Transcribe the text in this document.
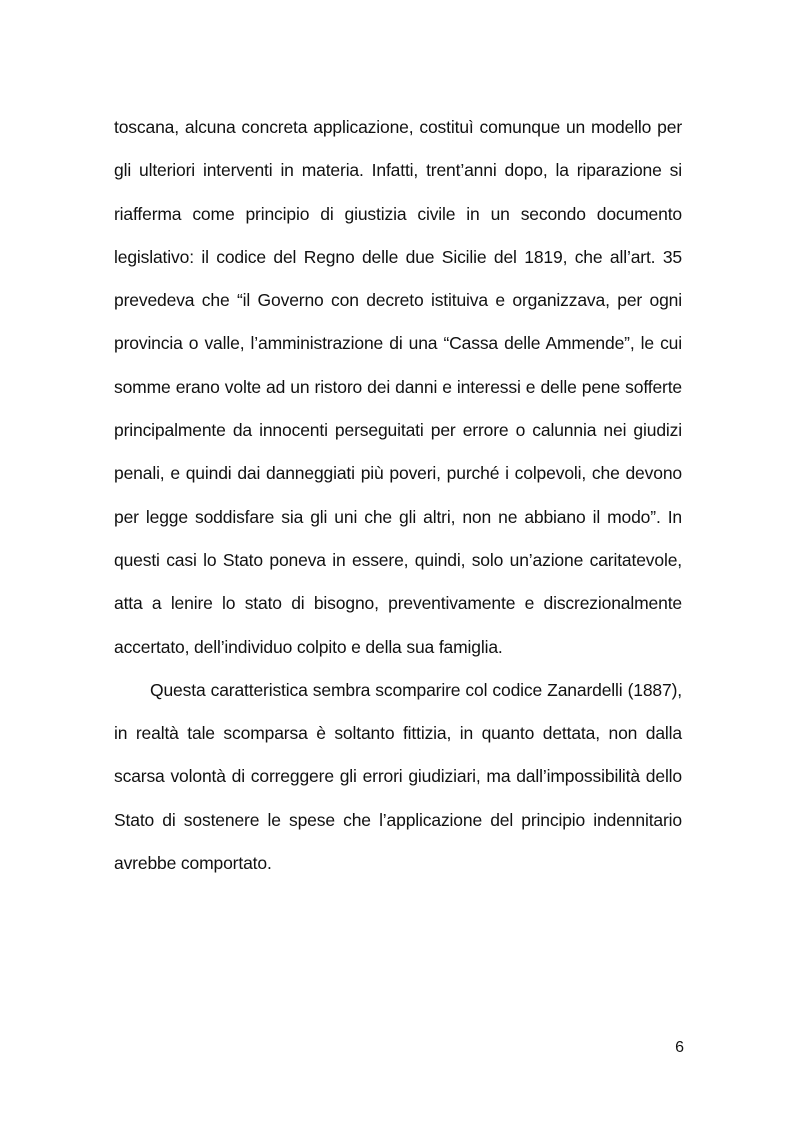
toscana, alcuna concreta applicazione, costituì comunque un modello per
gli ulteriori interventi in materia. Infatti, trent’anni dopo, la riparazione si
riafferma come principio di giustizia civile in un secondo documento
legislativo: il codice del Regno delle due Sicilie del 1819, che all’art. 35
prevedeva che “il Governo con decreto istituiva e organizzava, per ogni
provincia o valle, l’amministrazione di una “Cassa delle Ammende”, le cui
somme erano volte ad un ristoro dei danni e interessi e delle pene sofferte
principalmente da innocenti perseguitati per errore o calunnia nei giudizi
penali, e quindi dai danneggiati più poveri, purché i colpevoli, che devono
per legge soddisfare sia gli uni che gli altri, non ne abbiano il modo”. In
questi casi lo Stato poneva in essere, quindi, solo un’azione caritatevole,
atta a lenire lo stato di bisogno, preventivamente e discrezionalmente
accertato, dell’individuo colpito e della sua famiglia.
Questa caratteristica sembra scomparire col codice Zanardelli (1887),
in realtà tale scomparsa è soltanto fittizia, in quanto dettata, non dalla
scarsa volontà di correggere gli errori giudiziari, ma dall’impossibilità dello
Stato di sostenere le spese che l’applicazione del principio indennitario
avrebbe comportato.
6
